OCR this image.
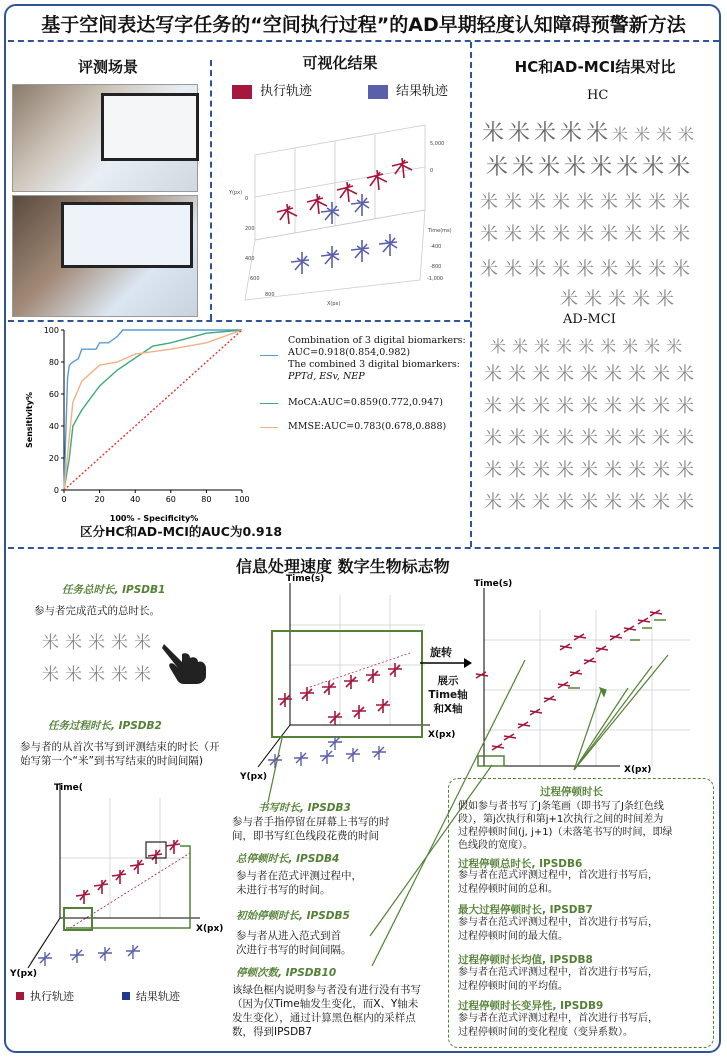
基于空间表达写字任务的“空间执行过程”的AD早期轻度认知障碍预警新方法
评测场景	可视化结果	HC和AD-MCI结果对比
执行轨迹	结果轨迹
Y(px)
X(px)
Time(ms)
0
200
400
600
800
-1,000
-800
-400
0
5,000
HC
米米米米米 米米米米
米米米米米米米米
米米米米米米米米米
米米米米米米米米米
米米米米米米米米米
米米米米米
AD-MCI
米米米米米米米米米
米米米米米米米米米
米米米米米米米米米
米米米米米米米米米
米米米米米米米米米
米米米米米米米米米
0
0
20
20
40
40
60
60
80
80
100
100
100% - Specificity%
Sensitivity%
Combination of 3 digital biomarkers:
AUC=0.918(0.854,0.982)
The combined 3 digital biomarkers:
PPTd, ESv, NEP
MoCA:AUC=0.859(0.772,0.947)
MMSE:AUC=0.783(0.678,0.888)
区分HC和AD-MCI的AUC为0.918
信息处理速度 数字生物标志物
任务总时长, IPSDB1
参与者完成范式的总时长。
米米米米米
米米米米米
任务过程时长, IPSDB2
参与者的从首次书写到评测结束的时长（开
始写第一个“米”到书写结束的时间间隔)
Time(
X(px)
Y(px)
执行轨迹	结果轨迹
Time(s)
X(px)
Y(px)
旋转
展示
Time轴
和X轴
Time(s)
X(px)
书写时长, IPSDB3
参与者手指停留在屏幕上书写的时
间，即书写红色线段花费的时间
总停顿时长, IPSDB4
参与者在范式评测过程中，
未进行书写的时间。
初始停顿时长, IPSDB5
参与者从进入范式到首
次进行书写的时间间隔。
停顿次数, IPSDB10
该绿色框内说明参与者没有进行没有书写
（因为仅Time轴发生变化，而X、Y轴未
发生变化），通过计算黑色框内的采样点
数，得到IPSDB7
过程停顿时长
假如参与者书写了J条笔画（即书写了J条红色线
段），第j次执行和第j+1次执行之间的时间差为
过程停顿时间(j, j+1)（未落笔书写的时间，即绿
色线段的宽度）。
过程停顿总时长, IPSDB6
参与者在范式评测过程中，首次进行书写后，
过程停顿时间的总和。
最大过程停顿时长, IPSDB7
参与者在范式评测过程中，首次进行书写后，
过程停顿时间的最大值。
过程停顿时长均值, IPSDB8
参与者在范式评测过程中，首次进行书写后，
过程停顿时间的平均值。
过程停顿时长变异性, IPSDB9
参与者在范式评测过程中，首次进行书写后，
过程停顿时间的变化程度（变异系数）。
